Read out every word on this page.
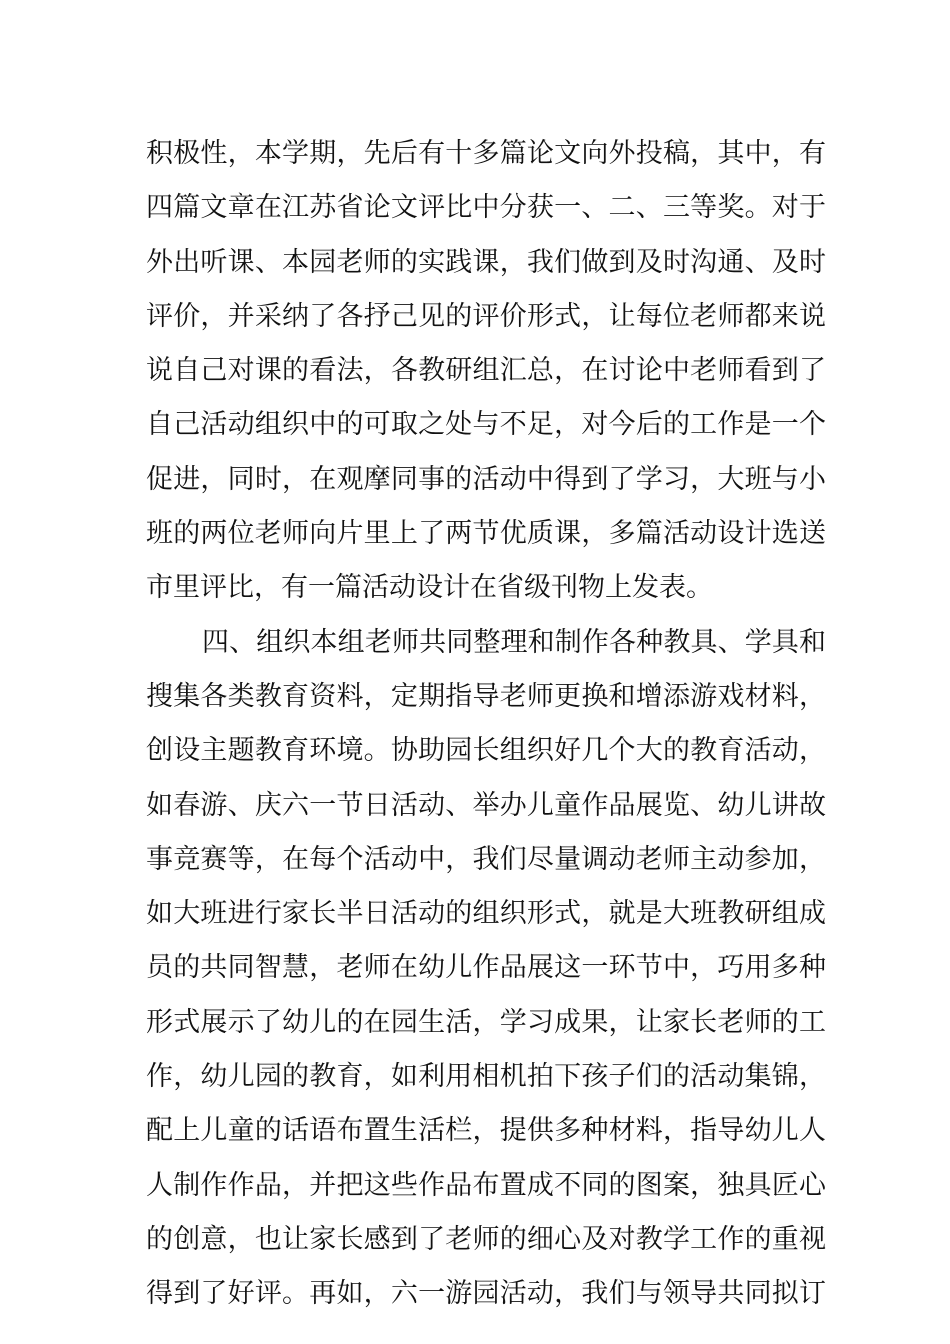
积极性，本学期，先后有十多篇论文向外投稿，其中，有
四篇文章在江苏省论文评比中分获一、二、三等奖。对于
外出听课、本园老师的实践课，我们做到及时沟通、及时
评价，并采纳了各抒己见的评价形式，让每位老师都来说
说自己对课的看法，各教研组汇总，在讨论中老师看到了
自己活动组织中的可取之处与不足，对今后的工作是一个
促进，同时，在观摩同事的活动中得到了学习，大班与小
班的两位老师向片里上了两节优质课，多篇活动设计选送
市里评比，有一篇活动设计在省级刊物上发表。
四、组织本组老师共同整理和制作各种教具、学具和
搜集各类教育资料，定期指导老师更换和增添游戏材料，
创设主题教育环境。协助园长组织好几个大的教育活动，
如春游、庆六一节日活动、举办儿童作品展览、幼儿讲故
事竞赛等，在每个活动中，我们尽量调动老师主动参加，
如大班进行家长半日活动的组织形式，就是大班教研组成
员的共同智慧，老师在幼儿作品展这一环节中，巧用多种
形式展示了幼儿的在园生活，学习成果，让家长老师的工
作，幼儿园的教育，如利用相机拍下孩子们的活动集锦，
配上儿童的话语布置生活栏，提供多种材料，指导幼儿人
人制作作品，并把这些作品布置成不同的图案，独具匠心
的创意，也让家长感到了老师的细心及对教学工作的重视
得到了好评。再如，六一游园活动，我们与领导共同拟订
